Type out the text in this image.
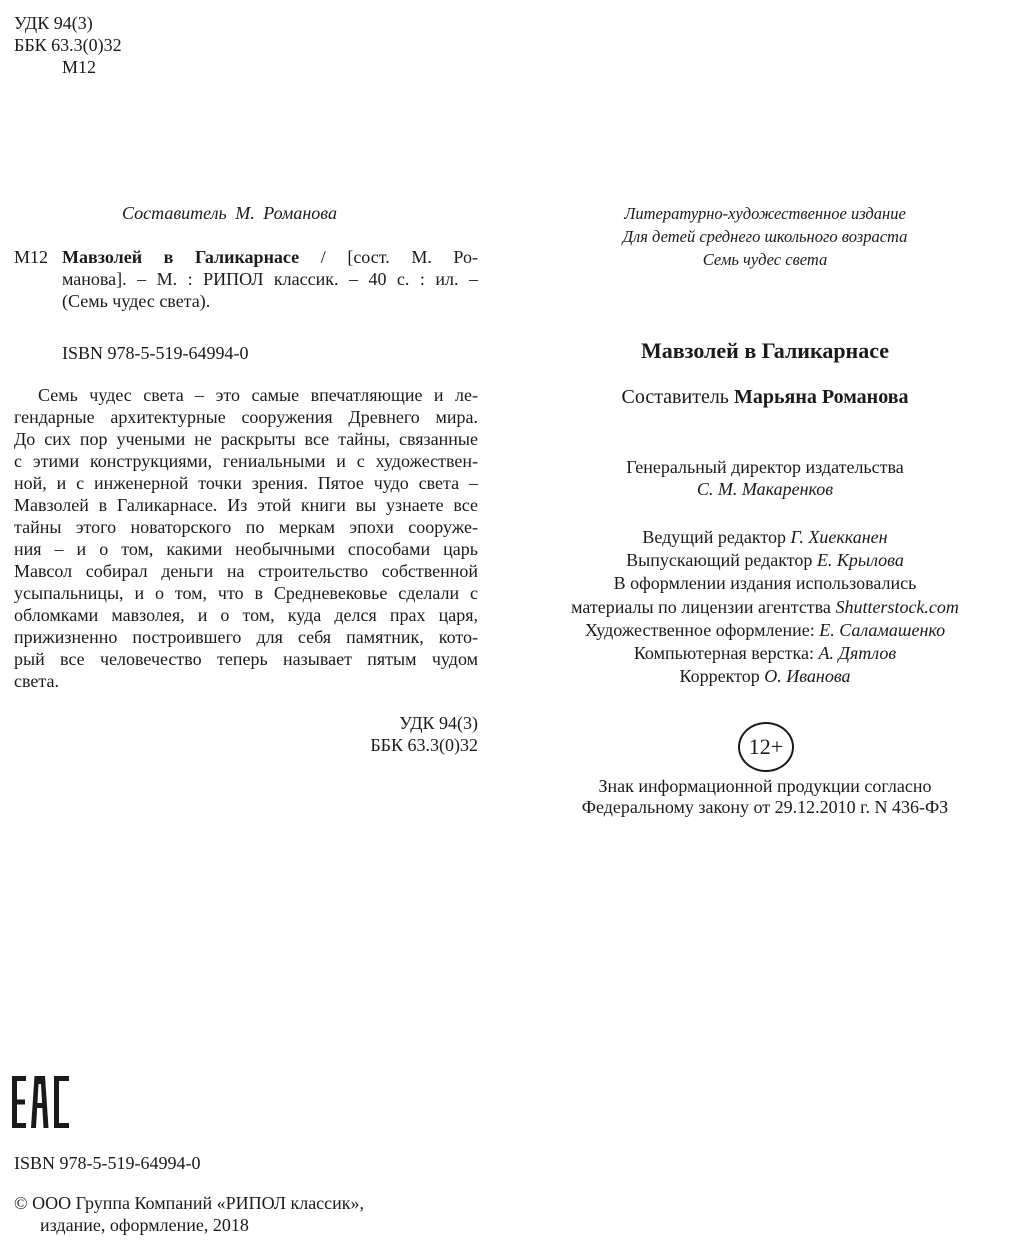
УДК 94(3)
ББК 63.3(0)32
М12
Составитель М. Романова
М12 Мавзолей в Галикарнасе / [сост. М. Ро-
манова]. – М. : РИПОЛ классик. – 40 с. : ил. –
(Семь чудес света).
ISBN 978-5-519-64994-0
Семь чудес света – это самые впечатляющие и ле-
гендарные архитектурные сооружения Древнего мира.
До сих пор учеными не раскрыты все тайны, связанные
с этими конструкциями, гениальными и с художествен-
ной, и с инженерной точки зрения. Пятое чудо света –
Мавзолей в Галикарнасе. Из этой книги вы узнаете все
тайны этого новаторского по меркам эпохи сооруже-
ния – и о том, какими необычными способами царь
Мавсол собирал деньги на строительство собственной
усыпальницы, и о том, что в Средневековье сделали с
обломками мавзолея, и о том, куда делся прах царя,
прижизненно построившего для себя памятник, кото-
рый все человечество теперь называет пятым чудом
света.
УДК 94(3)
ББК 63.3(0)32
Литературно-художественное издание
Для детей среднего школьного возраста
Семь чудес света
Мавзолей в Галикарнасе
Составитель Марьяна Романова
Генеральный директор издательства
С. М. Макаренков
Ведущий редактор Г. Хиекканен
Выпускающий редактор Е. Крылова
В оформлении издания использовались
материалы по лицензии агентства Shutterstock.com
Художественное оформление: Е. Саламашенко
Компьютерная верстка: А. Дятлов
Корректор О. Иванова
12+
Знак информационной продукции согласно
Федеральному закону от 29.12.2010 г. N 436-ФЗ
ISBN 978-5-519-64994-0
© ООО Группа Компаний «РИПОЛ классик»,
издание, оформление, 2018
